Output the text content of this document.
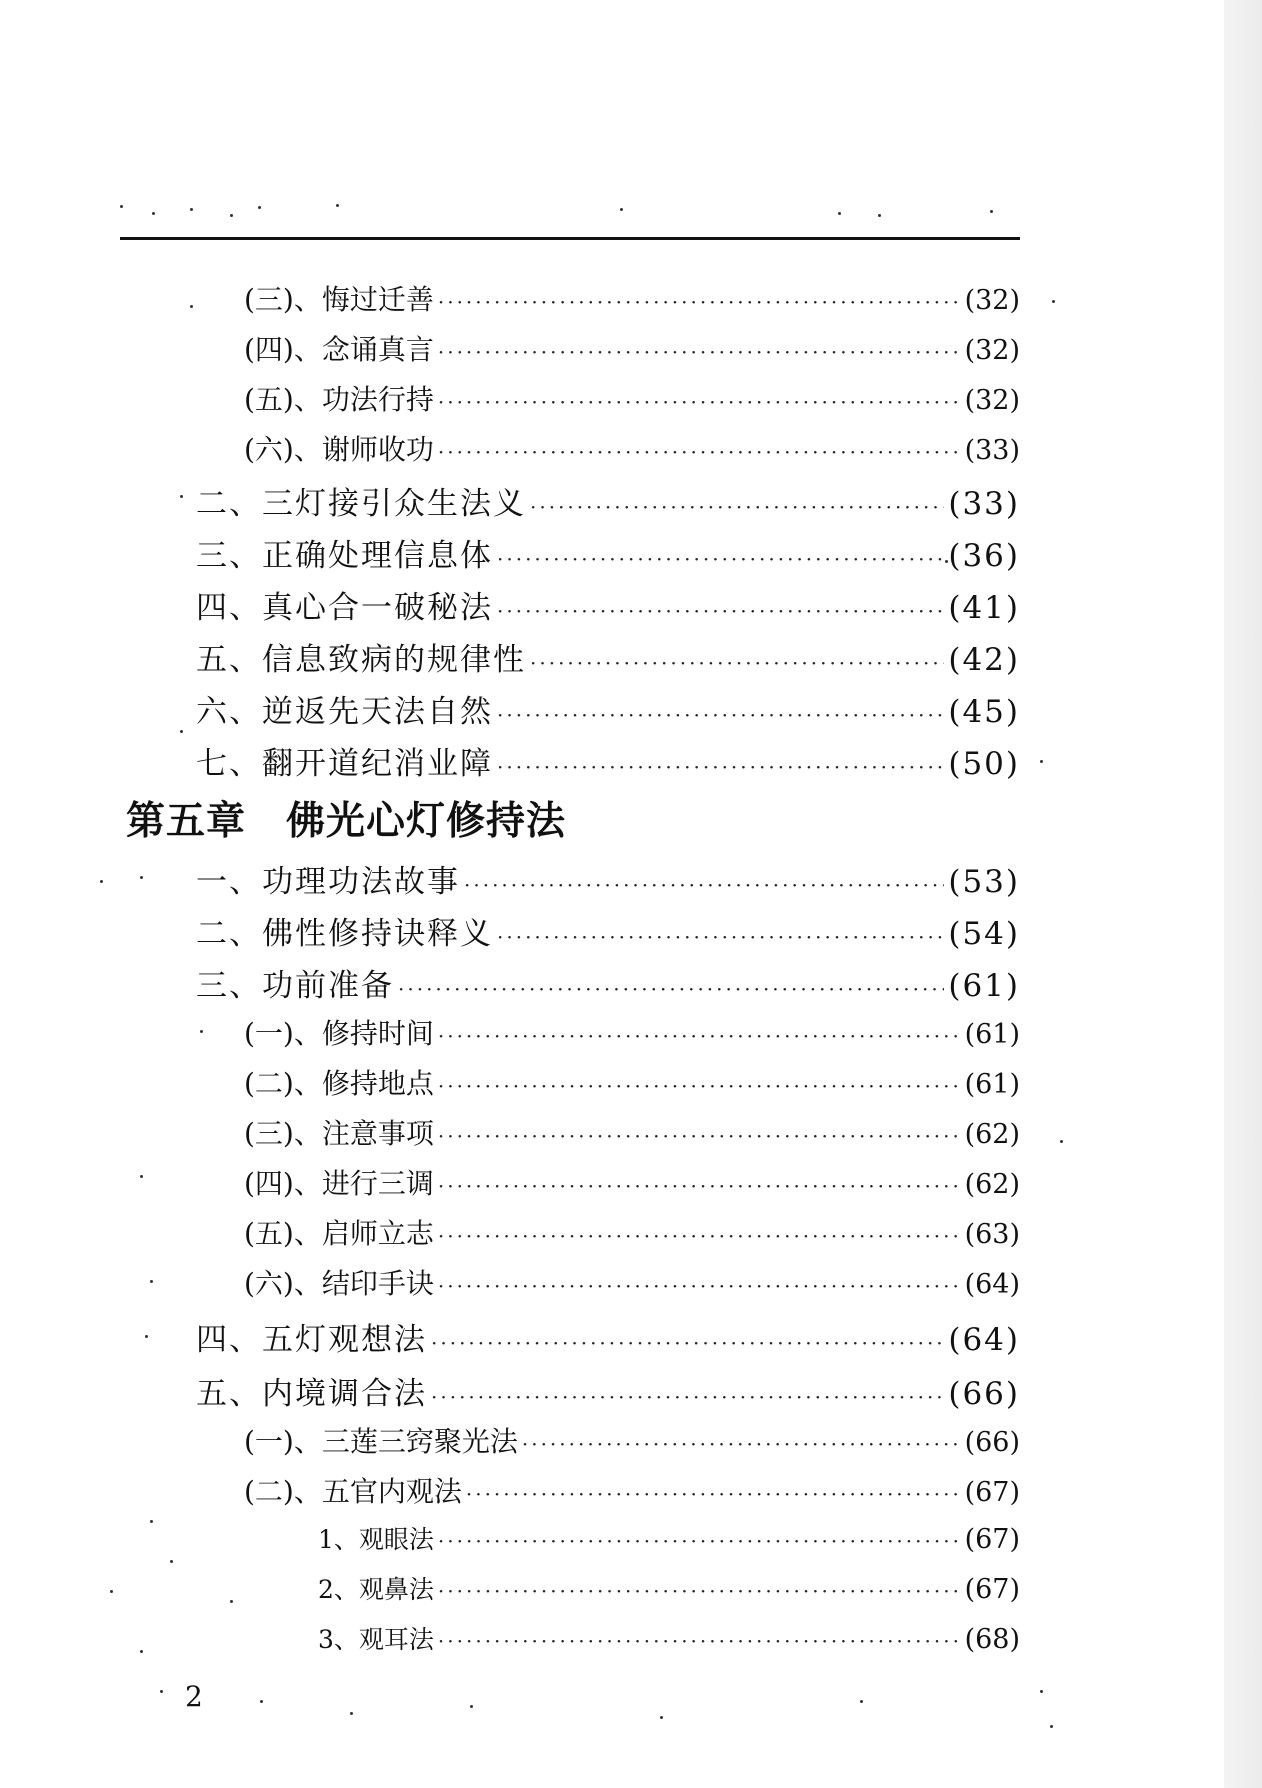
(三)、悔过迁善 ·····	(32)
(四)、念诵真言 ·····	(32)
(五)、功法行持 ·····	(32)
(六)、谢师收功 ·····	(33)
二、三灯接引众生法义 ·····	(33)
三、正确处理信息体 ·····	(36)
四、真心合一破秘法 ·····	(41)
五、信息致病的规律性 ·····	(42)
六、逆返先天法自然 ·····	(45)
七、翻开道纪消业障 ·····	(50)
第五章　佛光心灯修持法
一、功理功法故事 ·····	(53)
二、佛性修持诀释义 ·····	(54)
三、功前准备 ·····	(61)
(一)、修持时间 ·····	(61)
(二)、修持地点 ·····	(61)
(三)、注意事项 ·····	(62)
(四)、进行三调 ·····	(62)
(五)、启师立志 ·····	(63)
(六)、结印手诀 ·····	(64)
四、五灯观想法 ·····	(64)
五、内境调合法 ·····	(66)
(一)、三莲三窍聚光法 ·····	(66)
(二)、五官内观法 ·····	(67)
1、观眼法 ·····	(67)
2、观鼻法 ·····	(67)
3、观耳法 ·····	(68)
2
